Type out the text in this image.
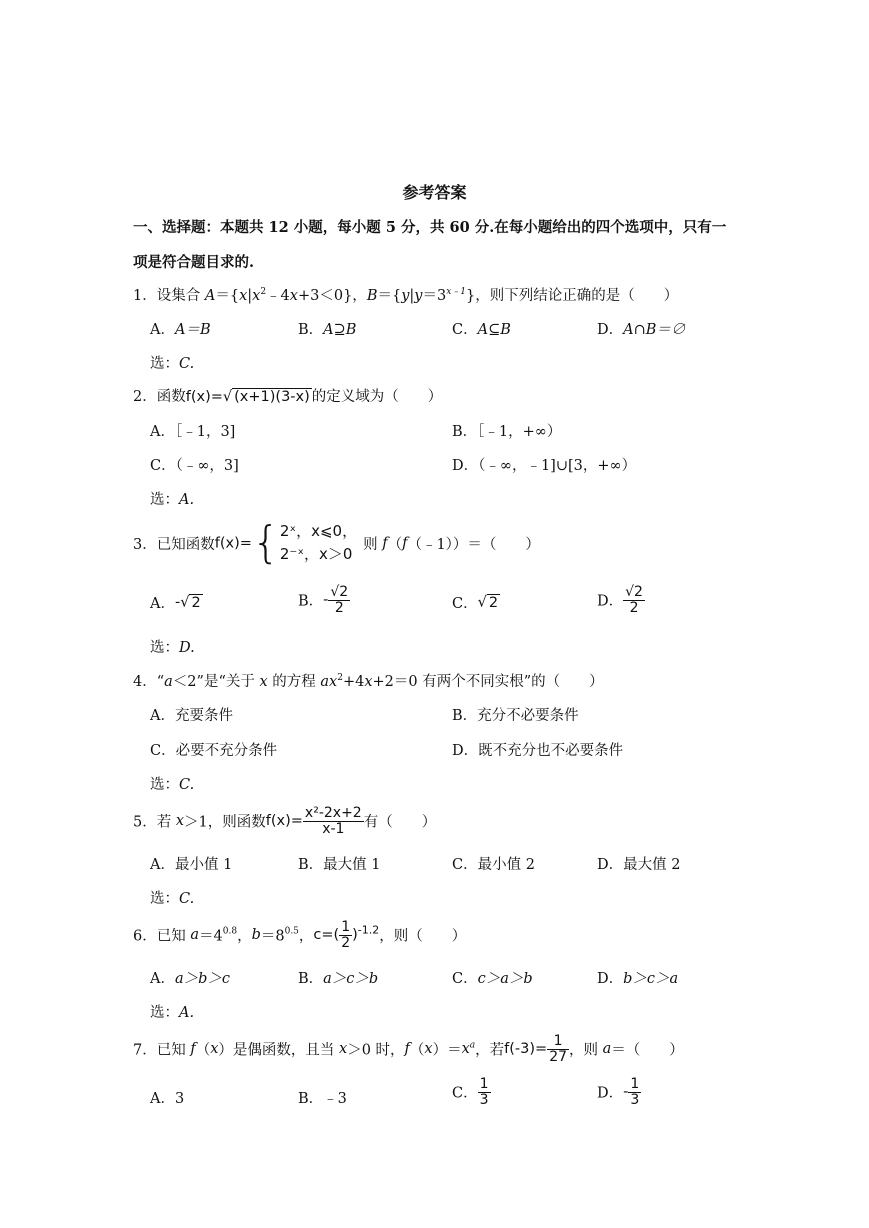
参考答案
一、选择题：本题共 12 小题，每小题 5 分，共 60 分.在每小题给出的四个选项中，只有一
项是符合题目求的.
1．设集合 $A=\{x|x^2﹣4x+3<0\}$，$B=\{y|y=3^{x﹣1}\}$，则下列结论正确的是（　　）
A．A＝B	B．A⊇B	C．A⊆B	D．A∩B＝∅
选：C.
2．函数f(x)=√ (x+1)(3-x) 的定义域为（　　）
A．［﹣1，3]	B．［﹣1，+∞）
C．（﹣∞，3]	D．（﹣∞，﹣1]∪[3，+∞）
选：A.
3．已知函数f(x)={ 2ˣ，x⩽0，
2⁻ˣ，x＞0
则 f（f（﹣1））＝（　　）
A．-√ 2	B．- $\frac{√2}{2}$	C．√ 2	D． $\frac{√2}{2}$
选：D.
4．“a＜2”是“关于 x 的方程 $ax^2+4x+2=0$ 有两个不同实根”的（　　）
A．充要条件	B．充分不必要条件
C．必要不充分条件	D．既不充分也不必要条件
选：C.
5．若 x＞1，则函数$f(x)= \frac{\text{x²-2x+2}}{x-1}$ 有（　　）
A．最小值 1	B．最大值 1	C．最小值 2	D．最大值 2
选：C.
6．已知 $a=4^{0.8}$，$b=8^{0.5}$，$c=( \frac{1}{2} )^{-1.2}$，则（　　）
A．a＞b＞c	B．a＞c＞b	C．c＞a＞b	D．b＞c＞a
选：A.
7．已知 f（x）是偶函数，且当 x＞0 时，$f(x)=x^a$，若$f(-3)= \frac{1}{27}$ ，则 a＝（　　）
A．3	B．﹣3	C． $\frac{1}{3}$	D．- $\frac{1}{3}$
